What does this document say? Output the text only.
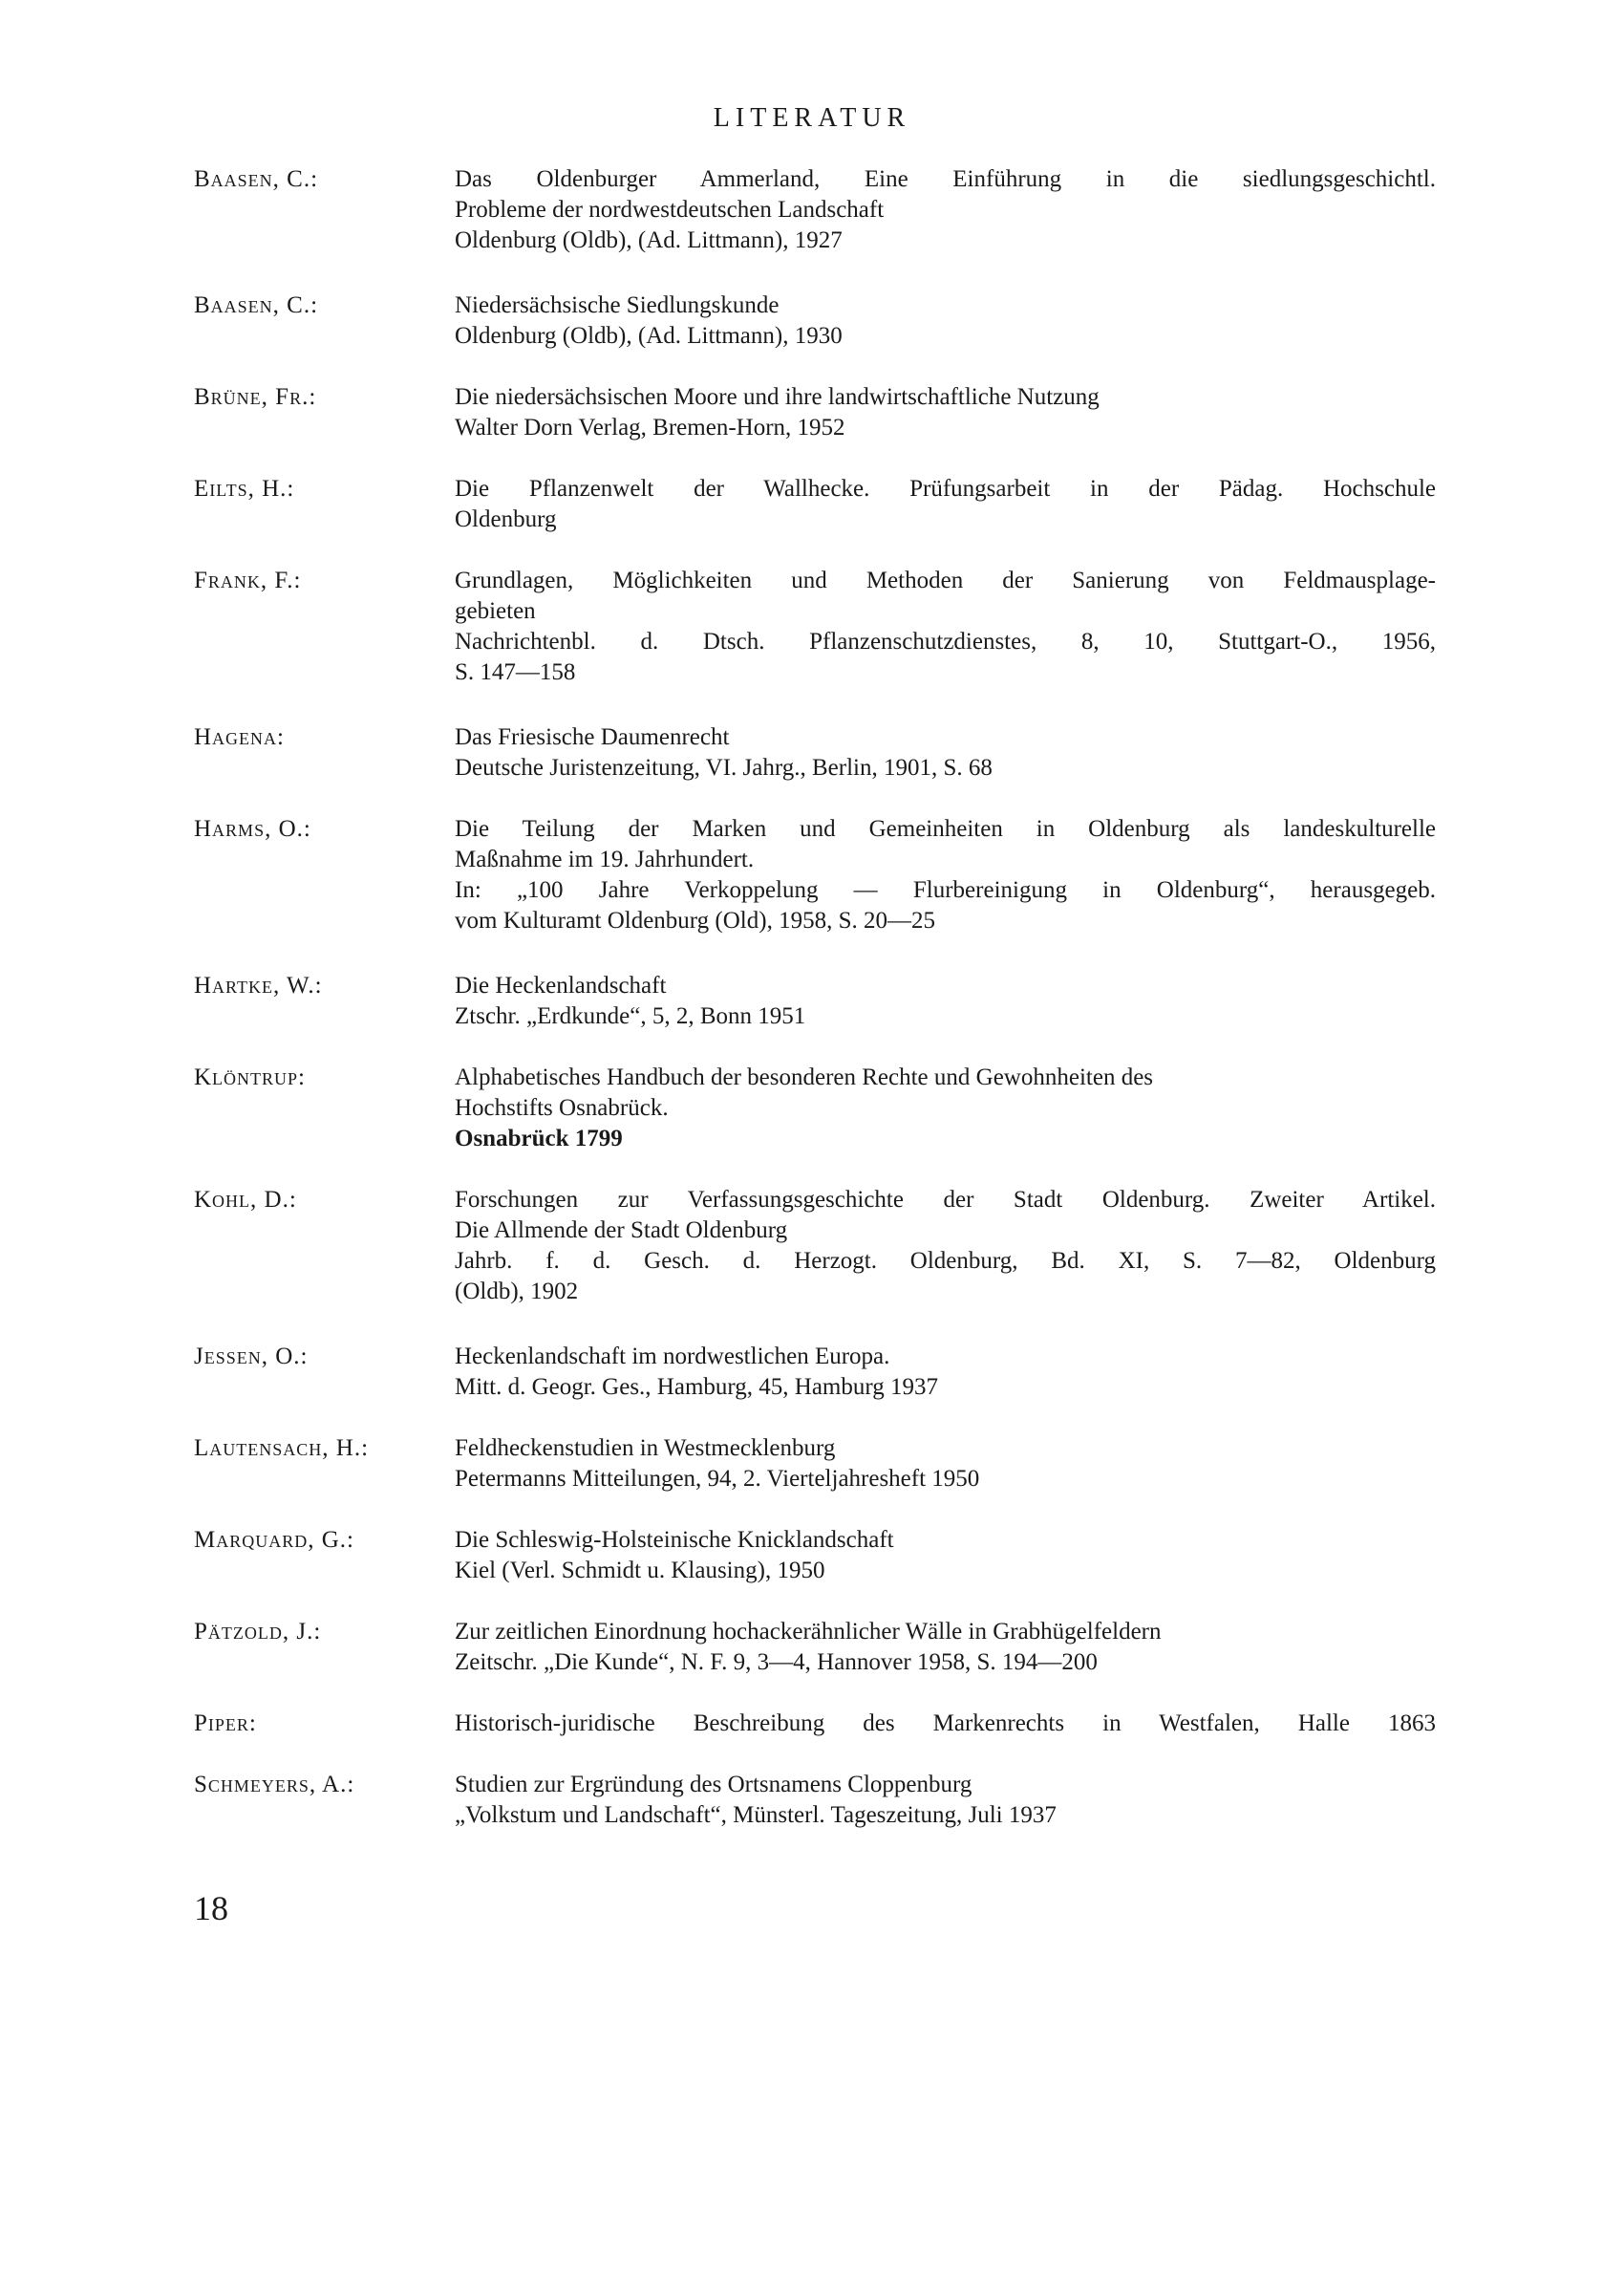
LITERATUR
Baasen, C.:	Das Oldenburger Ammerland, Eine Einführung in die siedlungsgeschichtl.
Probleme der nordwestdeutschen Landschaft
Oldenburg (Oldb), (Ad. Littmann), 1927
Baasen, C.:	Niedersächsische Siedlungskunde
Oldenburg (Oldb), (Ad. Littmann), 1930
Brüne, Fr.:	Die niedersächsischen Moore und ihre landwirtschaftliche Nutzung
Walter Dorn Verlag, Bremen-Horn, 1952
Eilts, H.:	Die Pflanzenwelt der Wallhecke. Prüfungsarbeit in der Pädag. Hochschule
Oldenburg
Frank, F.:	Grundlagen, Möglichkeiten und Methoden der Sanierung von Feldmausplage-
gebieten
Nachrichtenbl. d. Dtsch. Pflanzenschutzdienstes, 8, 10, Stuttgart-O., 1956,
S. 147—158
Hagena:	Das Friesische Daumenrecht
Deutsche Juristenzeitung, VI. Jahrg., Berlin, 1901, S. 68
Harms, O.:	Die Teilung der Marken und Gemeinheiten in Oldenburg als landeskulturelle
Maßnahme im 19. Jahrhundert.
In: „100 Jahre Verkoppelung — Flurbereinigung in Oldenburg“, herausgegeb.
vom Kulturamt Oldenburg (Old), 1958, S. 20—25
Hartke, W.:	Die Heckenlandschaft
Ztschr. „Erdkunde“, 5, 2, Bonn 1951
Klöntrup:	Alphabetisches Handbuch der besonderen Rechte und Gewohnheiten des
Hochstifts Osnabrück.
Osnabrück 1799
Kohl, D.:	Forschungen zur Verfassungsgeschichte der Stadt Oldenburg. Zweiter Artikel.
Die Allmende der Stadt Oldenburg
Jahrb. f. d. Gesch. d. Herzogt. Oldenburg, Bd. XI, S. 7—82, Oldenburg
(Oldb), 1902
Jessen, O.:	Heckenlandschaft im nordwestlichen Europa.
Mitt. d. Geogr. Ges., Hamburg, 45, Hamburg 1937
Lautensach, H.:	Feldheckenstudien in Westmecklenburg
Petermanns Mitteilungen, 94, 2. Vierteljahresheft 1950
Marquard, G.:	Die Schleswig-Holsteinische Knicklandschaft
Kiel (Verl. Schmidt u. Klausing), 1950
Pätzold, J.:	Zur zeitlichen Einordnung hochackerähnlicher Wälle in Grabhügelfeldern
Zeitschr. „Die Kunde“, N. F. 9, 3—4, Hannover 1958, S. 194—200
Piper:	Historisch-juridische Beschreibung des Markenrechts in Westfalen, Halle 1863
Schmeyers, A.:	Studien zur Ergründung des Ortsnamens Cloppenburg
„Volkstum und Landschaft“, Münsterl. Tageszeitung, Juli 1937
18
